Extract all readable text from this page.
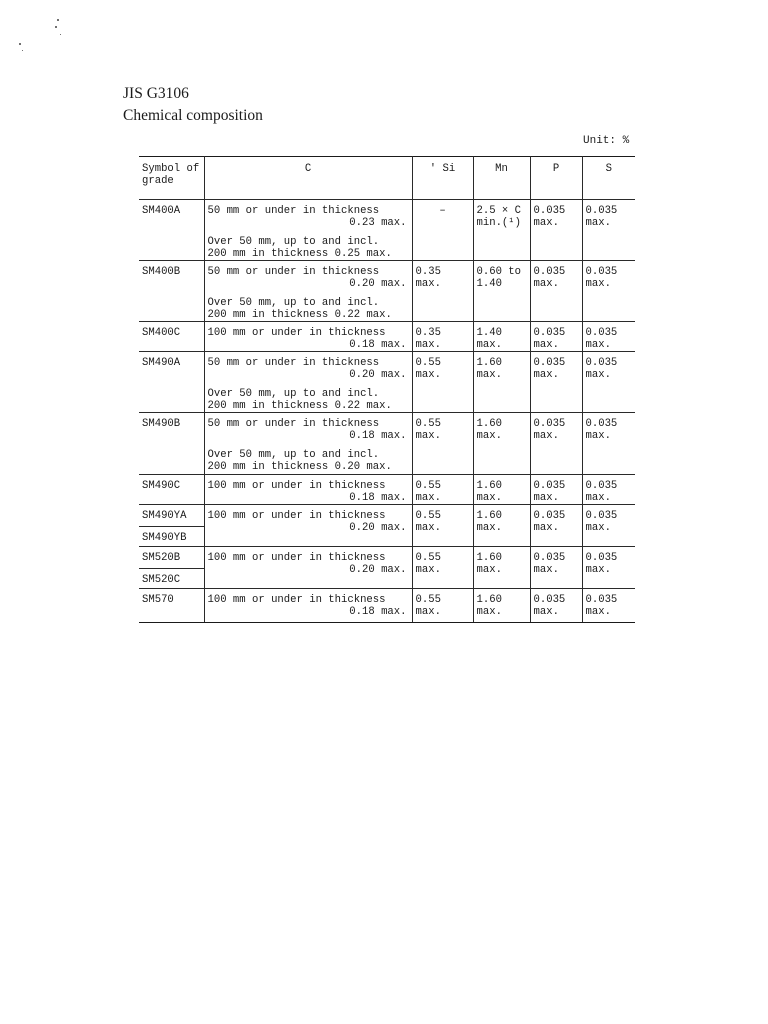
JIS G3106
Chemical composition
Unit: %
Symbol of grade	C	' Si	Mn	P	S
SM400A	50 mm or under in thickness
0.23 max.
Over 50 mm, up to and incl.
200 mm in thickness 0.25 max.	–	2.5 × C
min.(¹)	0.035
max.	0.035
max.

SM400B	50 mm or under in thickness
0.20 max.
Over 50 mm, up to and incl.
200 mm in thickness 0.22 max.	0.35
max.	0.60 to
1.40	0.035
max.	0.035
max.

SM400C	100 mm or under in thickness
0.18 max.	0.35
max.	1.40
max.	0.035
max.	0.035
max.

SM490A	50 mm or under in thickness
0.20 max.
Over 50 mm, up to and incl.
200 mm in thickness 0.22 max.	0.55
max.	1.60
max.	0.035
max.	0.035
max.

SM490B	50 mm or under in thickness
0.18 max.
Over 50 mm, up to and incl.
200 mm in thickness 0.20 max.	0.55
max.	1.60
max.	0.035
max.	0.035
max.

SM490C	100 mm or under in thickness
0.18 max.	0.55
max.	1.60
max.	0.035
max.	0.035
max.

SM490YA	100 mm or under in thickness
0.20 max.	0.55
max.	1.60
max.	0.035
max.	0.035
max.

SM490YB					
SM520B	100 mm or under in thickness
0.20 max.	0.55
max.	1.60
max.	0.035
max.	0.035
max.

SM520C					
SM570	100 mm or under in thickness
0.18 max.	0.55
max.	1.60
max.	0.035
max.	0.035
max.
